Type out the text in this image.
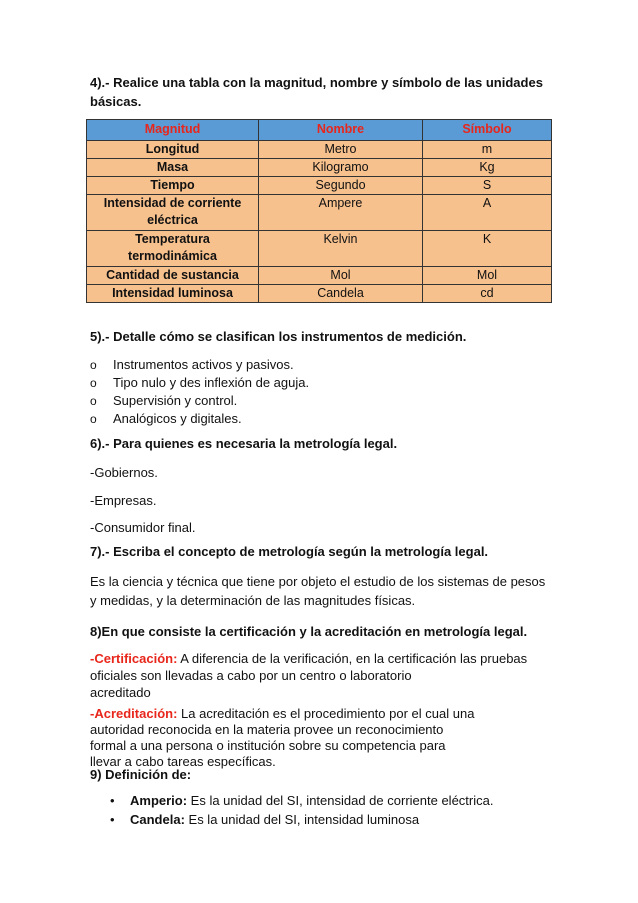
4).- Realice una tabla con la magnitud, nombre y símbolo de las unidades
básicas.
Magnitud	Nombre	Símbolo
Longitud	Metro	m
Masa	Kilogramo	Kg
Tiempo	Segundo	S
Intensidad de corriente eléctrica	Ampere	A
Temperatura termodinámica	Kelvin	K
Cantidad de sustancia	Mol	Mol
Intensidad luminosa	Candela	cd
5).- Detalle cómo se clasifican los instrumentos de medición.
o Instrumentos activos y pasivos.
o Tipo nulo y des inflexión de aguja.
o Supervisión y control.
o Analógicos y digitales.
6).- Para quienes es necesaria la metrología legal.
-Gobiernos.
-Empresas.
-Consumidor final.
7).- Escriba el concepto de metrología según la metrología legal.
Es la ciencia y técnica que tiene por objeto el estudio de los sistemas de pesos
y medidas, y la determinación de las magnitudes físicas.
8)En que consiste la certificación y la acreditación en metrología legal.
-Certificación: A diferencia de la verificación, en la certificación las pruebas
oficiales son llevadas a cabo por un centro o laboratorio
acreditado
-Acreditación: La acreditación es el procedimiento por el cual una
autoridad reconocida en la materia provee un reconocimiento
formal a una persona o institución sobre su competencia para
llevar a cabo tareas específicas.
9) Definición de:
• Amperio: Es la unidad del SI, intensidad de corriente eléctrica.
• Candela: Es la unidad del SI, intensidad luminosa
